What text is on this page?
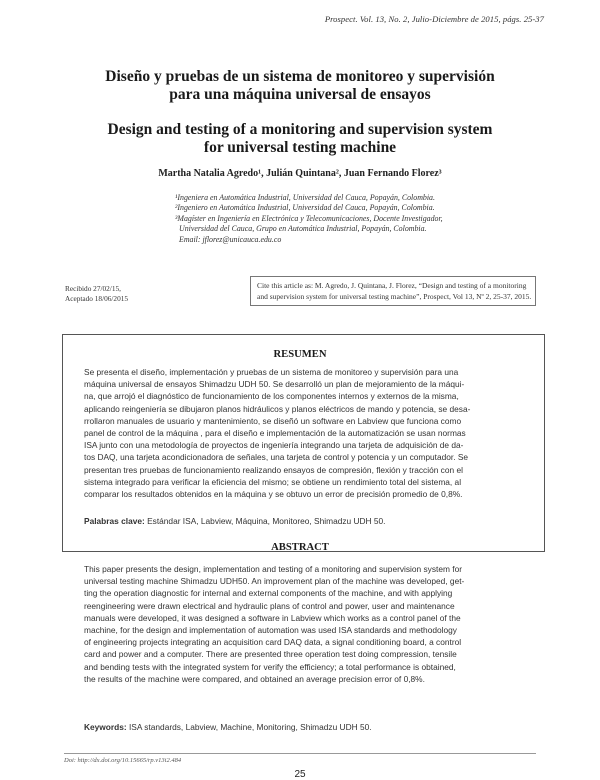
Prospect. Vol. 13, No. 2, Julio-Diciembre de 2015, págs. 25-37
Diseño y pruebas de un sistema de monitoreo y supervisión
para una máquina universal de ensayos
Design and testing of a monitoring and supervision system
for universal testing machine
Martha Natalia Agredo¹, Julián Quintana², Juan Fernando Florez³
¹Ingeniera en Automática Industrial, Universidad del Cauca, Popayán, Colombia.
²Ingeniero en Automática Industrial, Universidad del Cauca, Popayán, Colombia.
³Magíster en Ingeniería en Electrónica y Telecomunicaciones, Docente Investigador,
Universidad del Cauca, Grupo en Automática Industrial, Popayán, Colombia.
Email: jflorez@unicauca.edu.co
Recibido 27/02/15,
Aceptado 18/06/2015
Cite this article as: M. Agredo, J. Quintana, J. Florez, “Design and testing of a monitoring
and supervision system for universal testing machine”, Prospect, Vol 13, Nº 2, 25-37, 2015.
RESUMEN
Se presenta el diseño, implementación y pruebas de un sistema de monitoreo y supervisión para una
máquina universal de ensayos Shimadzu UDH 50. Se desarrolló un plan de mejoramiento de la máqui-
na, que arrojó el diagnóstico de funcionamiento de los componentes internos y externos de la misma,
aplicando reingeniería se dibujaron planos hidráulicos y planos eléctricos de mando y potencia, se desa-
rrollaron manuales de usuario y mantenimiento, se diseñó un software en Labview que funciona como
panel de control de la máquina , para el diseño e implementación de la automatización se usan normas
ISA junto con una metodología de proyectos de ingeniería integrando una tarjeta de adquisición de da-
tos DAQ, una tarjeta acondicionadora de señales, una tarjeta de control y potencia y un computador. Se
presentan tres pruebas de funcionamiento realizando ensayos de compresión, flexión y tracción con el
sistema integrado para verificar la eficiencia del mismo; se obtiene un rendimiento total del sistema, al
comparar los resultados obtenidos en la máquina y se obtuvo un error de precisión promedio de 0,8%.
Palabras clave: Estándar ISA, Labview, Máquina, Monitoreo, Shimadzu UDH 50.
ABSTRACT
This paper presents the design, implementation and testing of a monitoring and supervision system for
universal testing machine Shimadzu UDH50. An improvement plan of the machine was developed, get-
ting the operation diagnostic for internal and external components of the machine, and with applying
reengineering were drawn electrical and hydraulic plans of control and power, user and maintenance
manuals were developed, it was designed a software in Labview which works as a control panel of the
machine, for the design and implementation of automation was used ISA standards and methodology
of engineering projects integrating an acquisition card DAQ data, a signal conditioning board, a control
card and power and a computer. There are presented three operation test doing compression, tensile
and bending tests with the integrated system for verify the efficiency; a total performance is obtained,
the results of the machine were compared, and obtained an average precision error of 0,8%.
Keywords: ISA standards, Labview, Machine, Monitoring, Shimadzu UDH 50.
Doi: http://dx.doi.org/10.15665/rp.v13i2.484
25
